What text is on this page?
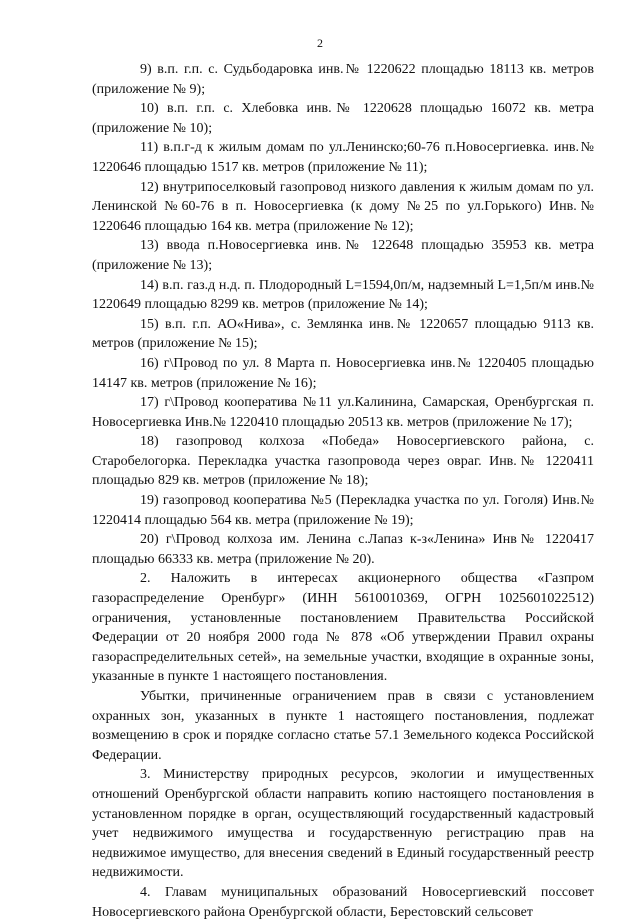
2

9) в.п. г.п. с. Судьбодаровка инв.№ 1220622 площадью 18113 кв. метров (приложение № 9);

10) в.п. г.п. с. Хлебовка инв.№ 1220628 площадью 16072 кв. метра (приложение № 10);

11) в.п.г-д к жилым домам по ул.Ленинско;60-76 п.Новосергиевка. инв.№ 1220646 площадью 1517 кв. метров (приложение № 11);

12) внутрипоселковый газопровод низкого давления к жилым домам по ул. Ленинской №60-76 в п. Новосергиевка (к дому №25 по ул.Горького) Инв.№ 1220646 площадью 164 кв. метра (приложение № 12);

13) ввода п.Новосергиевка инв.№ 122648 площадью 35953 кв. метра (приложение № 13);

14) в.п. газ.д н.д. п. Плодородный L=1594,0п/м, надземный L=1,5п/м инв.№ 1220649 площадью 8299 кв. метров (приложение № 14);

15) в.п. г.п. АО«Нива», с. Землянка инв.№ 1220657 площадью 9113 кв. метров (приложение № 15);

16) г\Провод по ул. 8 Марта п. Новосергиевка инв.№ 1220405 площадью 14147 кв. метров (приложение № 16);

17) г\Провод кооператива №11 ул.Калинина, Самарская, Оренбургская п. Новосергиевка Инв.№ 1220410 площадью 20513 кв. метров (приложение № 17);

18) газопровод колхоза «Победа» Новосергиевского района, с. Старобелогорка. Перекладка участка газопровода через овраг. Инв.№ 1220411 площадью 829 кв. метров (приложение № 18);

19) газопровод кооператива №5 (Перекладка участка по ул. Гоголя) Инв.№ 1220414 площадью 564 кв. метра (приложение № 19);

20) г\Провод колхоза им. Ленина с.Лапаз к-з«Ленина» Инв№ 1220417 площадью 66333 кв. метра (приложение № 20).

2. Наложить в интересах акционерного общества «Газпром газораспределение Оренбург» (ИНН 5610010369, ОГРН 1025601022512) ограничения, установленные постановлением Правительства Российской Федерации от 20 ноября 2000 года № 878 «Об утверждении Правил охраны газораспределительных сетей», на земельные участки, входящие в охранные зоны, указанные в пункте 1 настоящего постановления.

Убытки, причиненные ограничением прав в связи с установлением охранных зон, указанных в пункте 1 настоящего постановления, подлежат возмещению в срок и порядке согласно статье 57.1 Земельного кодекса Российской Федерации.

3. Министерству природных ресурсов, экологии и имущественных отношений Оренбургской области направить копию настоящего постановления в установленном порядке в орган, осуществляющий государственный кадастровый учет недвижимого имущества и государственную регистрацию прав на недвижимое имущество, для внесения сведений в Единый государственный реестр недвижимости.

4. Главам муниципальных образований Новосергиевский поссовет Новосергиевского района Оренбургской области, Берестовский сельсовет
